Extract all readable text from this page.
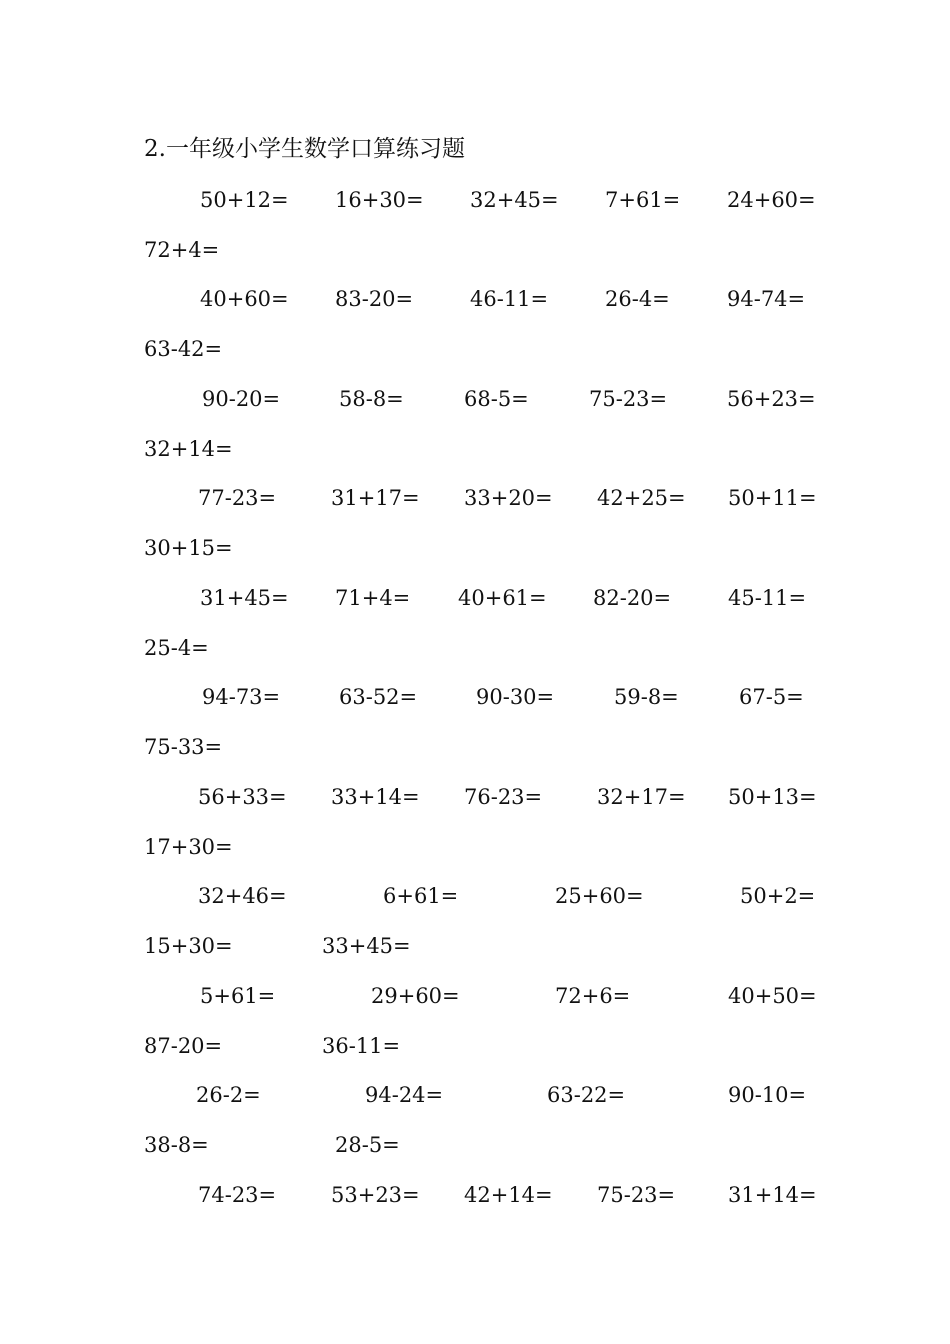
2.一年级小学生数学口算练习题
50+12= 16+30= 32+45= 7+61= 24+60=
72+4=
40+60= 83-20=	46-11=	26-4=	94-74=
63-42=
90-20=	58-8=	68-5=	75-23=	56+23=
32+14=
77-23=	31+17= 33+20= 42+25= 50+11=
30+15=
31+45= 71+4= 40+61= 82-20=	45-11=
25-4=
94-73=	63-52=	90-30=	59-8=	67-5=
75-33=
56+33= 33+14= 76-23=	32+17= 50+13=
17+30=
32+46=	6+61=	25+60=	50+2=
15+30=	33+45=
5+61=	29+60=	72+6=	40+50=
87-20=	36-11=
26-2=	94-24=	63-22=	90-10=
38-8=	28-5=
74-23=	53+23= 42+14= 75-23=	31+14=
